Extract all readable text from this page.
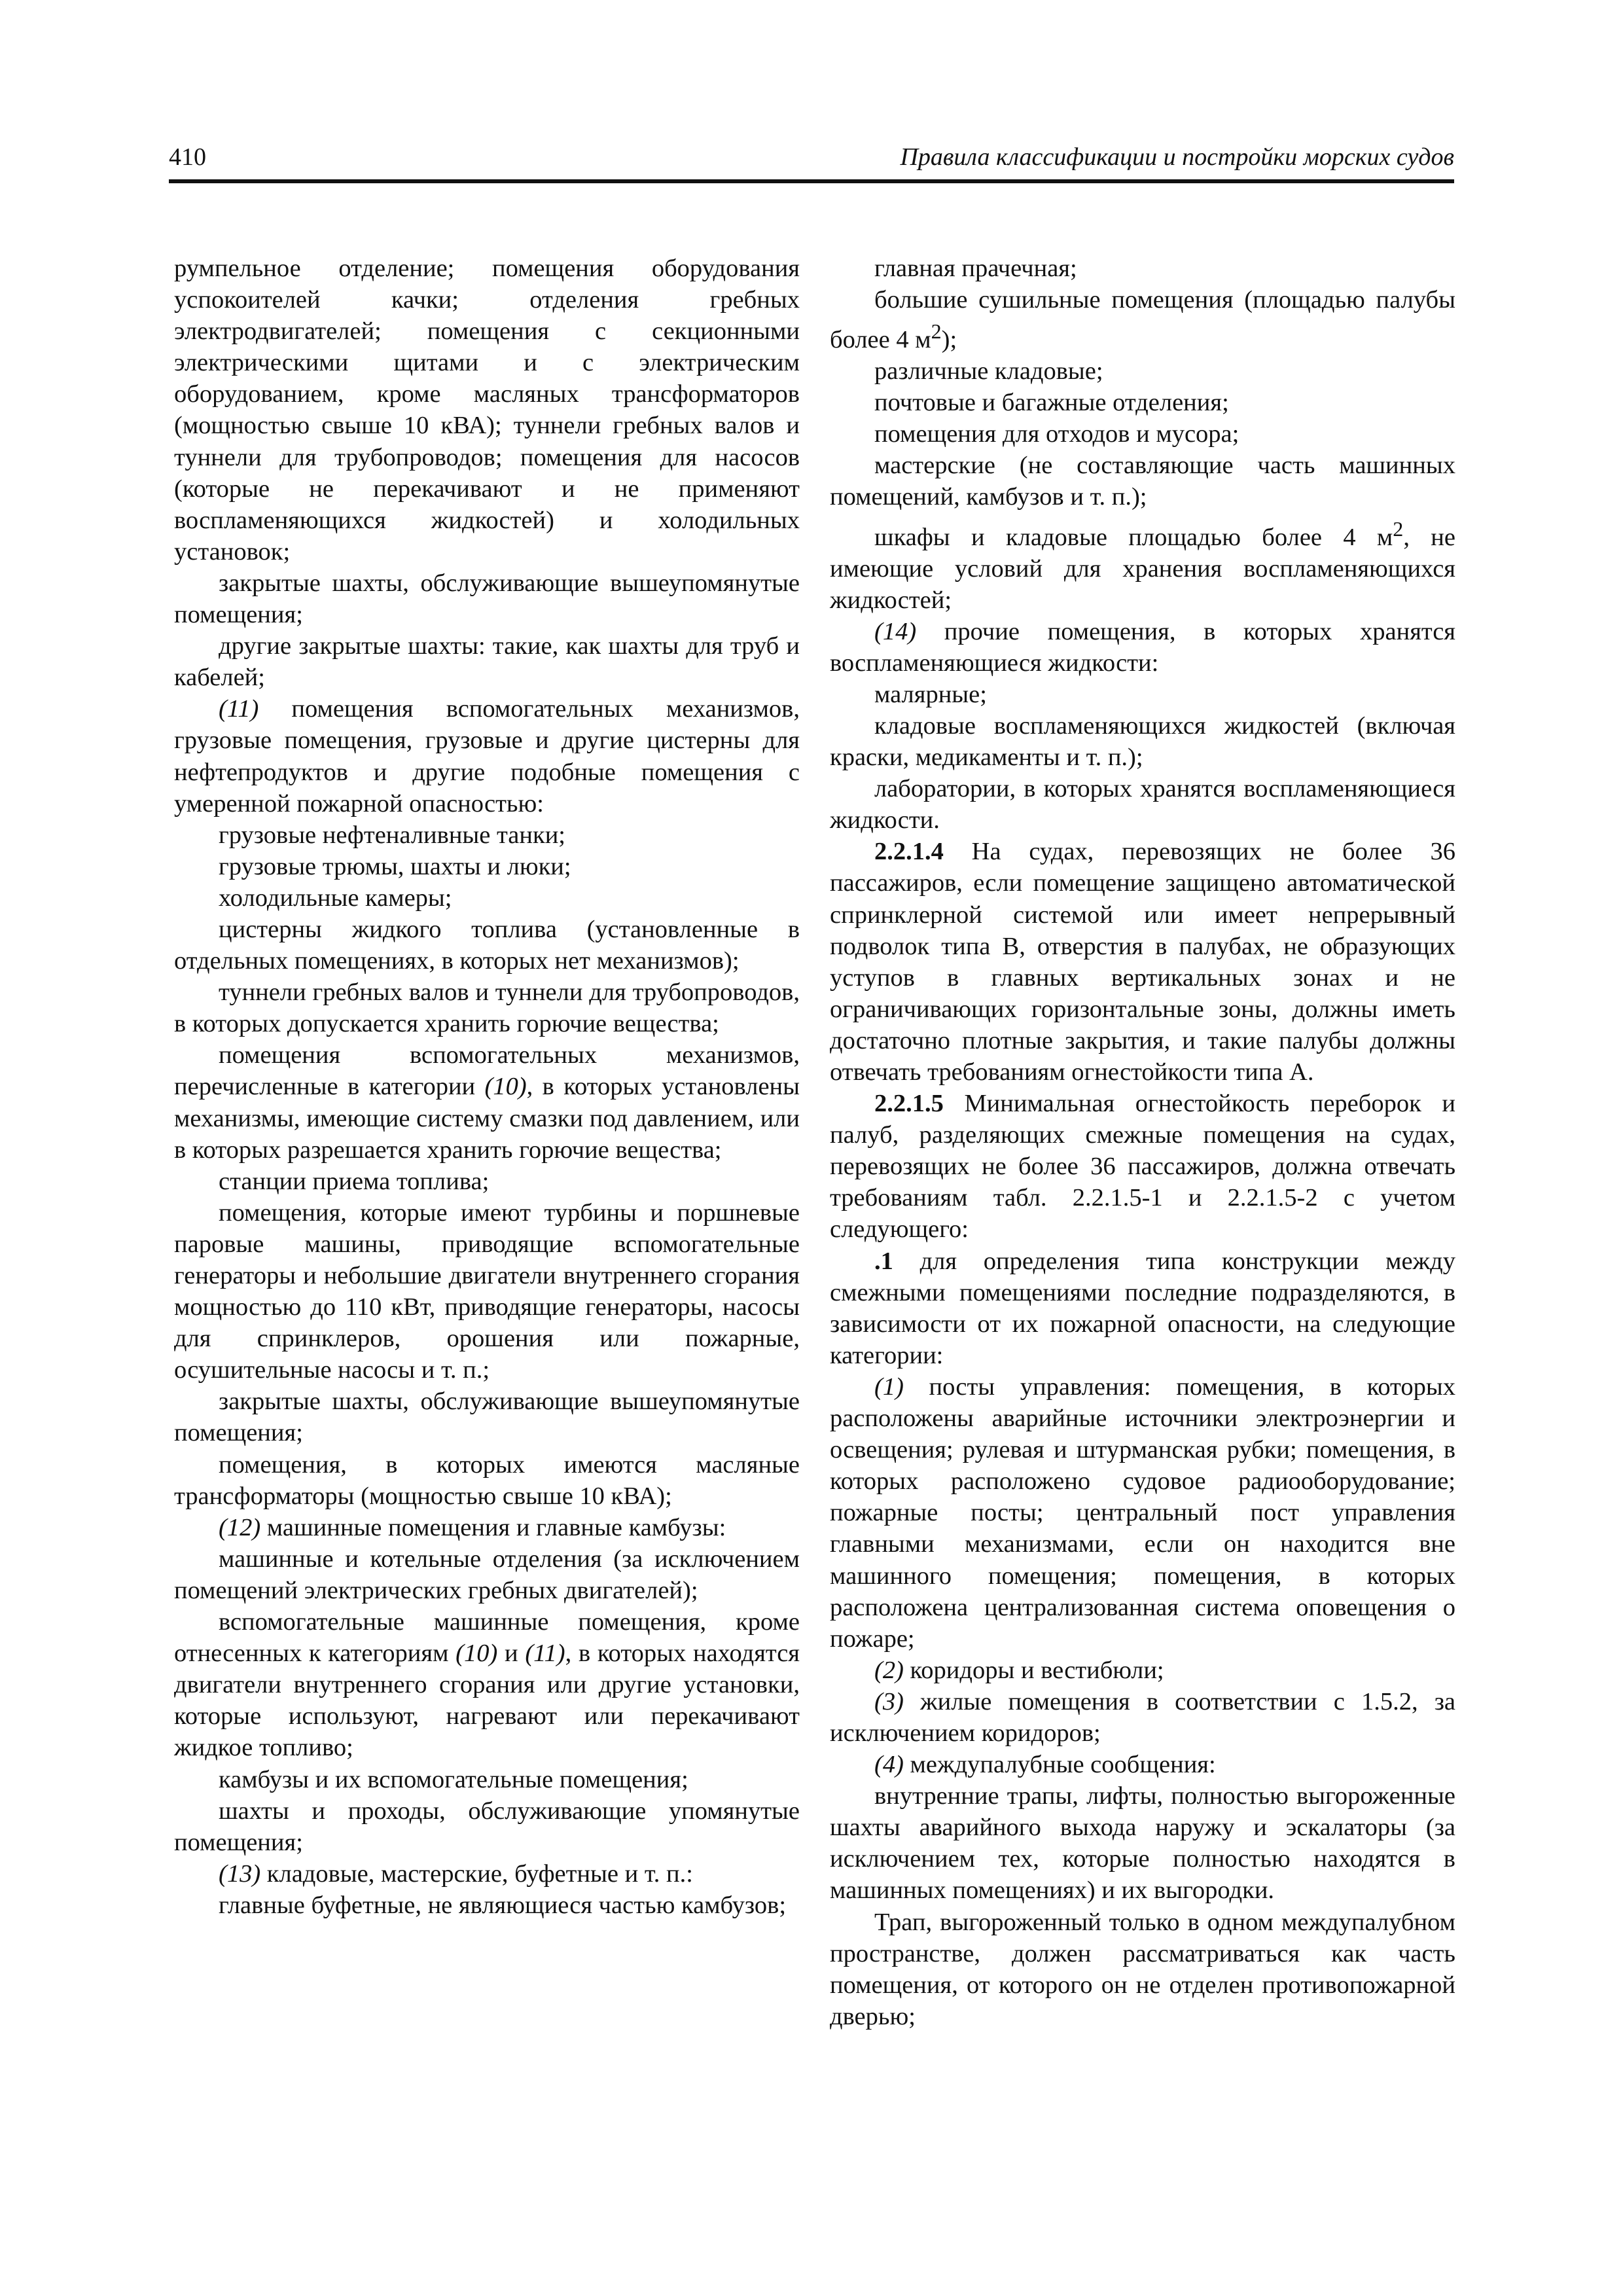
410	Правила классификации и постройки морских судов

румпельное отделение; помещения оборудования успокоителей качки; отделения гребных электродвигателей; помещения с секционными электрическими щитами и с электрическим оборудованием, кроме масляных трансформаторов (мощностью свыше 10 кВА); туннели гребных валов и туннели для трубопроводов; помещения для насосов (которые не перекачивают и не применяют воспламеняющихся жидкостей) и холодильных установок;

закрытые шахты, обслуживающие вышеупомянутые помещения;

другие закрытые шахты: такие, как шахты для труб и кабелей;

(11) помещения вспомогательных механизмов, грузовые помещения, грузовые и другие цистерны для нефтепродуктов и другие подобные помещения с умеренной пожарной опасностью:

грузовые нефтеналивные танки;

грузовые трюмы, шахты и люки;

холодильные камеры;

цистерны жидкого топлива (установленные в отдельных помещениях, в которых нет механизмов);

туннели гребных валов и туннели для трубопроводов, в которых допускается хранить горючие вещества;

помещения вспомогательных механизмов, перечисленные в категории (10), в которых установлены механизмы, имеющие систему смазки под давлением, или в которых разрешается хранить горючие вещества;

станции приема топлива;

помещения, которые имеют турбины и поршневые паровые машины, приводящие вспомогательные генераторы и небольшие двигатели внутреннего сгорания мощностью до 110 кВт, приводящие генераторы, насосы для спринклеров, орошения или пожарные, осушительные насосы и т. п.;

закрытые шахты, обслуживающие вышеупомянутые помещения;

помещения, в которых имеются масляные трансформаторы (мощностью свыше 10 кВА);

(12) машинные помещения и главные камбузы:

машинные и котельные отделения (за исключением помещений электрических гребных двигателей);

вспомогательные машинные помещения, кроме отнесенных к категориям (10) и (11), в которых находятся двигатели внутреннего сгорания или другие установки, которые используют, нагревают или перекачивают жидкое топливо;

камбузы и их вспомогательные помещения;

шахты и проходы, обслуживающие упомянутые помещения;

(13) кладовые, мастерские, буфетные и т. п.:

главные буфетные, не являющиеся частью камбузов;

главная прачечная;

большие сушильные помещения (площадью палубы более 4 $м^2$);

различные кладовые;

почтовые и багажные отделения;

помещения для отходов и мусора;

мастерские (не составляющие часть машинных помещений, камбузов и т. п.);

шкафы и кладовые площадью более 4 $м^2$, не имеющие условий для хранения воспламеняющихся жидкостей;

(14) прочие помещения, в которых хранятся воспламеняющиеся жидкости:

малярные;

кладовые воспламеняющихся жидкостей (включая краски, медикаменты и т. п.);

лаборатории, в которых хранятся воспламеняющиеся жидкости.

2.2.1.4 На судах, перевозящих не более 36 пассажиров, если помещение защищено автоматической спринклерной системой или имеет непрерывный подволок типа В, отверстия в палубах, не образующих уступов в главных вертикальных зонах и не ограничивающих горизонтальные зоны, должны иметь достаточно плотные закрытия, и такие палубы должны отвечать требованиям огнестойкости типа А.

2.2.1.5 Минимальная огнестойкость переборок и палуб, разделяющих смежные помещения на судах, перевозящих не более 36 пассажиров, должна отвечать требованиям табл. 2.2.1.5-1 и 2.2.1.5-2 с учетом следующего:

.1 для определения типа конструкции между смежными помещениями последние подразделяются, в зависимости от их пожарной опасности, на следующие категории:

(1) посты управления: помещения, в которых расположены аварийные источники электроэнергии и освещения; рулевая и штурманская рубки; помещения, в которых расположено судовое радиооборудование; пожарные посты; центральный пост управления главными механизмами, если он находится вне машинного помещения; помещения, в которых расположена централизованная система оповещения о пожаре;

(2) коридоры и вестибюли;

(3) жилые помещения в соответствии с 1.5.2, за исключением коридоров;

(4) междупалубные сообщения:

внутренние трапы, лифты, полностью выгороженные шахты аварийного выхода наружу и эскалаторы (за исключением тех, которые полностью находятся в машинных помещениях) и их выгородки.

Трап, выгороженный только в одном междупалубном пространстве, должен рассматриваться как часть помещения, от которого он не отделен противопожарной дверью;
